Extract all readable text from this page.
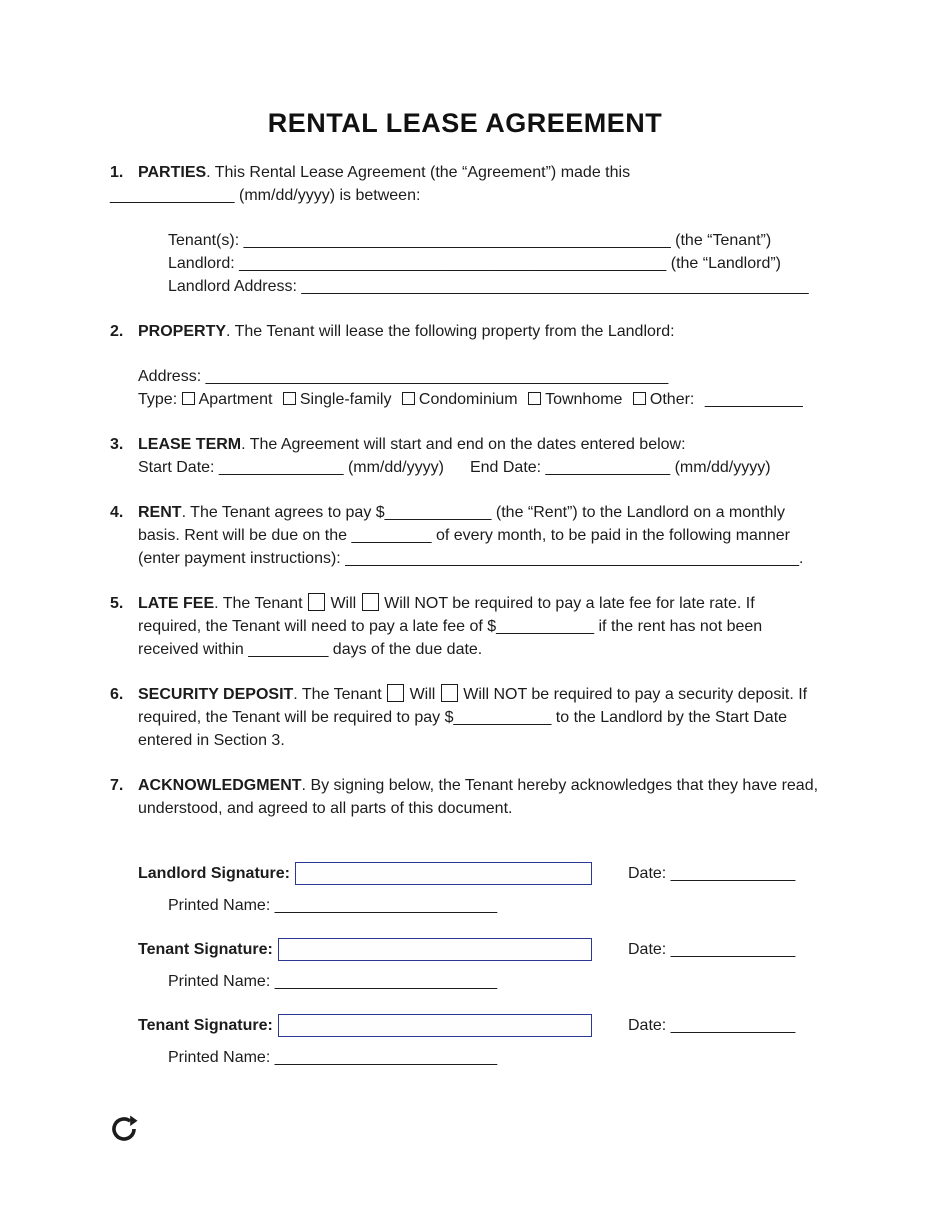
RENTAL LEASE AGREEMENT
1. PARTIES. This Rental Lease Agreement (the “Agreement”) made this

______________ (mm/dd/yyyy) is between:

Tenant(s): ________________________________________________ (the “Tenant”)

Landlord: ________________________________________________ (the “Landlord”)

Landlord Address: _________________________________________________________

2. PROPERTY. The Tenant will lease the following property from the Landlord:

Address: ____________________________________________________

Type: Apartment Single-family Condominium Townhome Other: ___________

3. LEASE TERM. The Agreement will start and end on the dates entered below:

Start Date: ______________ (mm/dd/yyyy) End Date: ______________ (mm/dd/yyyy)

4. RENT. The Tenant agrees to pay $____________ (the “Rent”) to the Landlord on a monthly basis. Rent will be due on the _________ of every month, to be paid in the following manner (enter payment instructions): ___________________________________________________.

5. LATE FEE. The Tenant Will Will NOT be required to pay a late fee for late rate. If required, the Tenant will need to pay a late fee of $___________ if the rent has not been received within _________ days of the due date.

6. SECURITY DEPOSIT. The Tenant Will Will NOT be required to pay a security deposit. If required, the Tenant will be required to pay $___________ to the Landlord by the Start Date entered in Section 3.

7. ACKNOWLEDGMENT. By signing below, the Tenant hereby acknowledges that they have read, understood, and agreed to all parts of this document.

Landlord Signature:	Date: ______________

Printed Name: _________________________

Tenant Signature:	Date: ______________

Printed Name: _________________________

Tenant Signature:	Date: ______________

Printed Name: _________________________
